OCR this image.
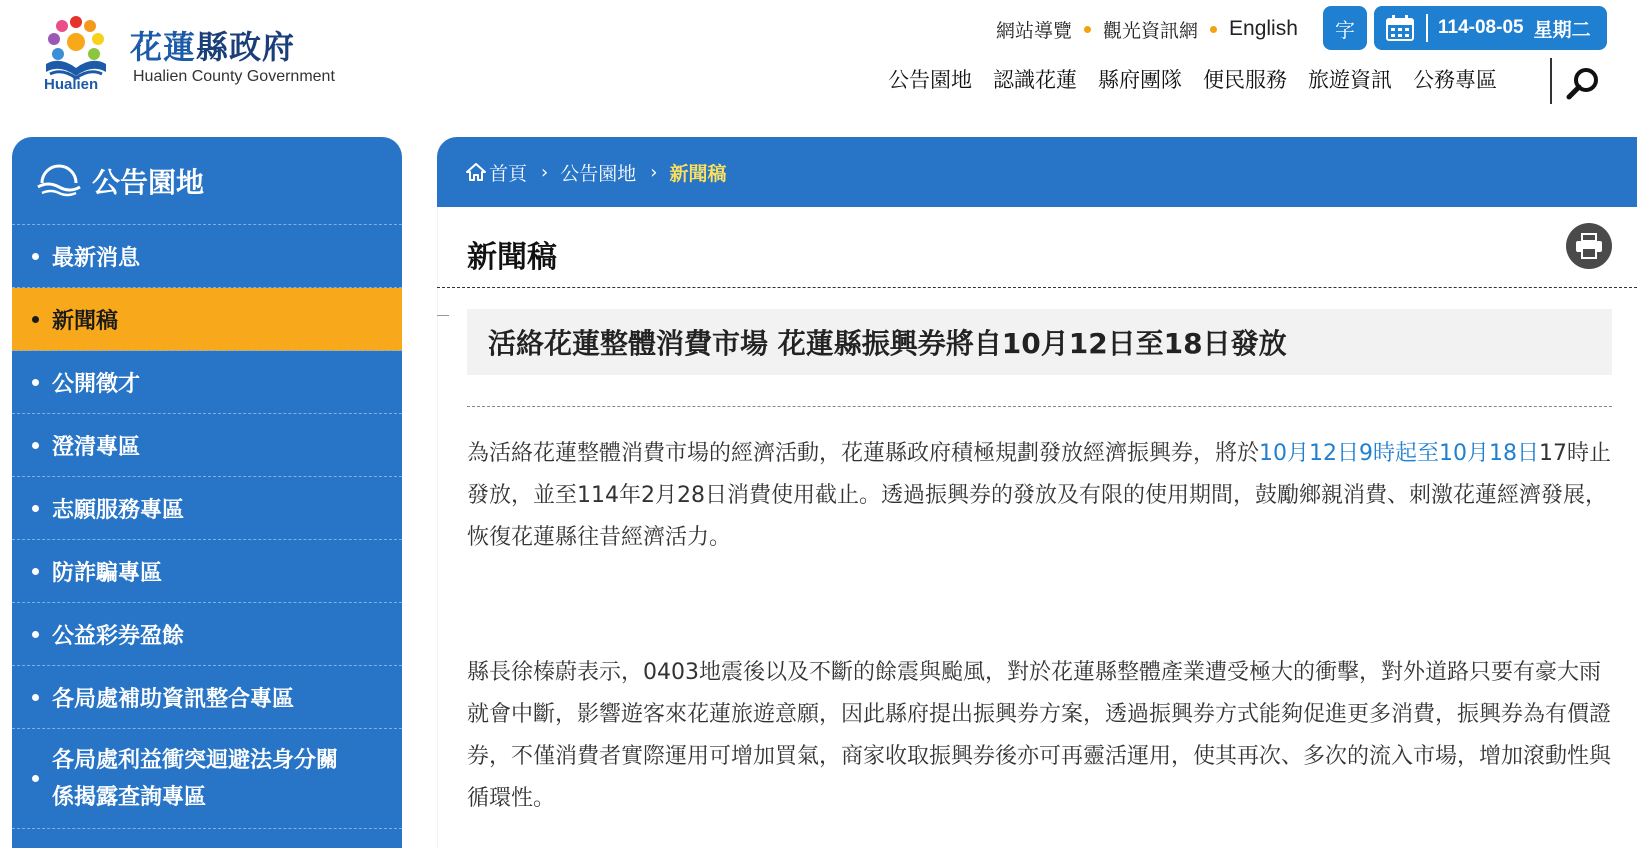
Hualien
花蓮縣政府
Hualien County Government
網站導覽 觀光資訊網 English	字	114-08-05 星期二
公告園地 認識花蓮 縣府團隊 便民服務 旅遊資訊 公務專區
公告園地
最新消息
新聞稿
公開徵才
澄清專區
志願服務專區
防詐騙專區
公益彩券盈餘
各局處補助資訊整合專區
各局處利益衝突迴避法身分關
係揭露查詢專區
首頁 › 公告園地 › 新聞稿
新聞稿
活絡花蓮整體消費市場 花蓮縣振興券將自10月12日至18日發放
為活絡花蓮整體消費市場的經濟活動，花蓮縣政府積極規劃發放經濟振興券，將於10月12日9時起至10月18日17時止發放，並至114年2月28日消費使用截止。透過振興券的發放及有限的使用期間，鼓勵鄉親消費、刺激花蓮經濟發展，恢復花蓮縣往昔經濟活力。
縣長徐榛蔚表示，0403地震後以及不斷的餘震與颱風，對於花蓮縣整體產業遭受極大的衝擊，對外道路只要有豪大雨就會中斷，影響遊客來花蓮旅遊意願，因此縣府提出振興券方案，透過振興券方式能夠促進更多消費，振興券為有價證券，不僅消費者實際運用可增加買氣，商家收取振興券後亦可再靈活運用，使其再次、多次的流入市場，增加滾動性與循環性。
